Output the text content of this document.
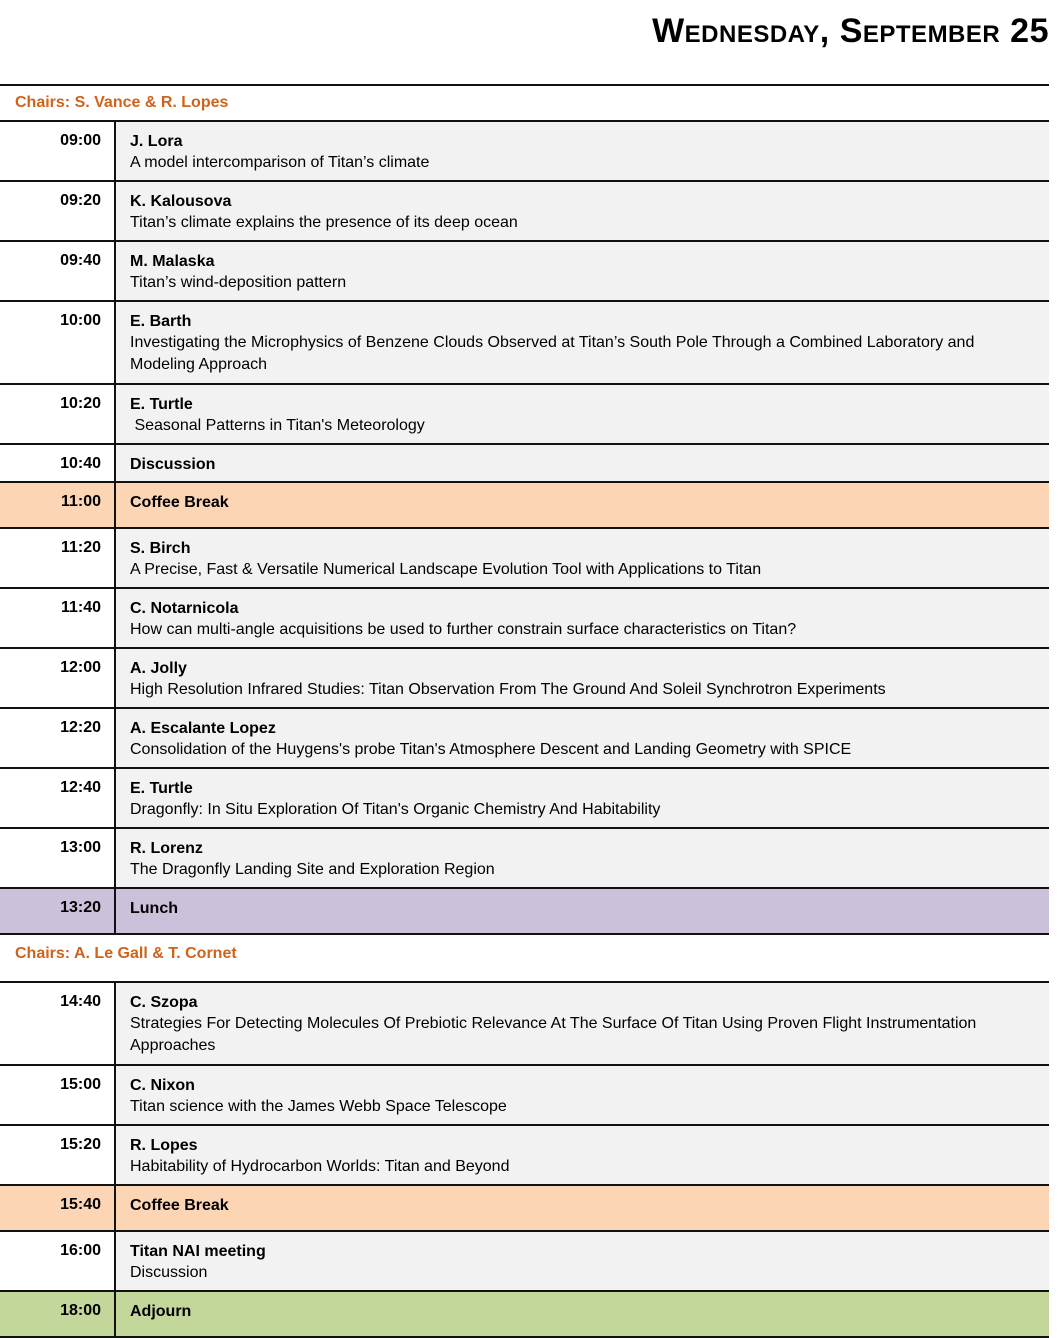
Wednesday, September 25
Chairs: S. Vance & R. Lopes
09:00	J. Lora
A model intercomparison of Titan’s climate
09:20	K. Kalousova
Titan’s climate explains the presence of its deep ocean
09:40	M. Malaska
Titan’s wind-deposition pattern
10:00	E. Barth
Investigating the Microphysics of Benzene Clouds Observed at Titan’s South Pole Through a Combined Laboratory and Modeling Approach
10:20	E. Turtle
Seasonal Patterns in Titan's Meteorology
10:40	Discussion
11:00	Coffee Break
11:20	S. Birch
A Precise, Fast & Versatile Numerical Landscape Evolution Tool with Applications to Titan
11:40	C. Notarnicola
How can multi-angle acquisitions be used to further constrain surface characteristics on Titan?
12:00	A. Jolly
High Resolution Infrared Studies: Titan Observation From The Ground And Soleil Synchrotron Experiments
12:20	A. Escalante Lopez
Consolidation of the Huygens's probe Titan's Atmosphere Descent and Landing Geometry with SPICE
12:40	E. Turtle
Dragonfly: In Situ Exploration Of Titan's Organic Chemistry And Habitability
13:00	R. Lorenz
The Dragonfly Landing Site and Exploration Region
13:20	Lunch
Chairs: A. Le Gall & T. Cornet
14:40	C. Szopa
Strategies For Detecting Molecules Of Prebiotic Relevance At The Surface Of Titan Using Proven Flight Instrumentation Approaches
15:00	C. Nixon
Titan science with the James Webb Space Telescope
15:20	R. Lopes
Habitability of Hydrocarbon Worlds: Titan and Beyond
15:40	Coffee Break
16:00	Titan NAI meeting
Discussion
18:00	Adjourn
